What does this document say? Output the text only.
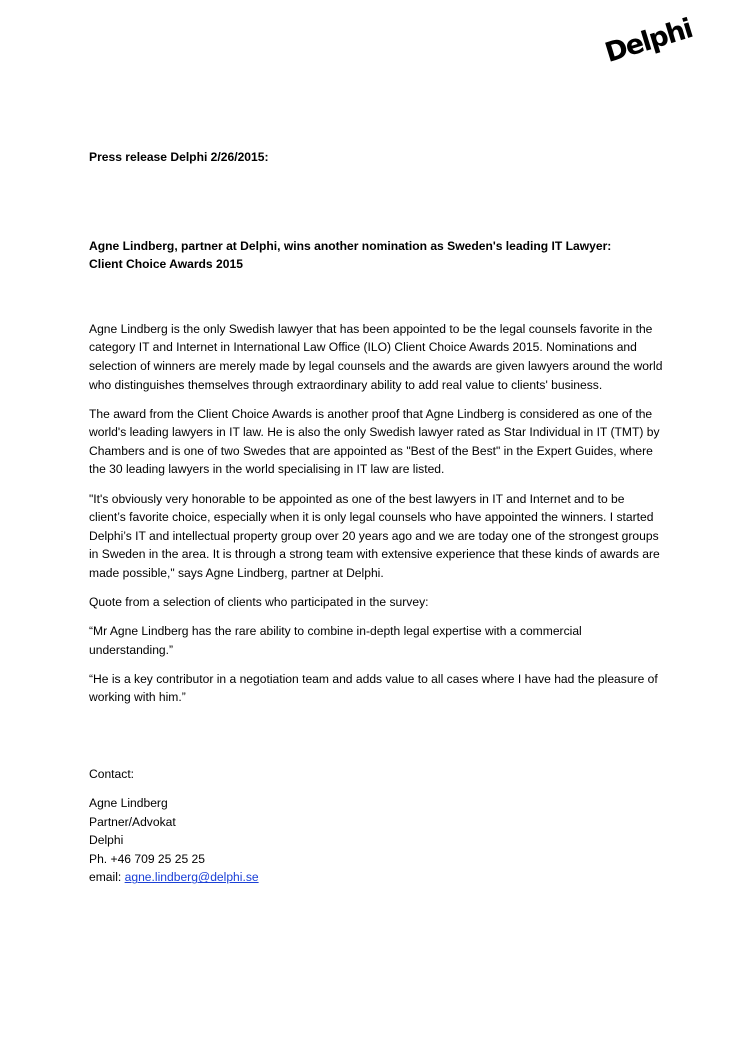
Delphi

Press release Delphi 2/26/2015:

Agne Lindberg, partner at Delphi, wins another nomination as Sweden's leading IT Lawyer:

Client Choice Awards 2015

Agne Lindberg is the only Swedish lawyer that has been appointed to be the legal counsels favorite in the category IT and Internet in International Law Office (ILO) Client Choice Awards 2015. Nominations and selection of winners are merely made by legal counsels and the awards are given lawyers around the world who distinguishes themselves through extraordinary ability to add real value to clients' business.

The award from the Client Choice Awards is another proof that Agne Lindberg is considered as one of the world's leading lawyers in IT law. He is also the only Swedish lawyer rated as Star Individual in IT (TMT) by Chambers and is one of two Swedes that are appointed as "Best of the Best" in the Expert Guides, where the 30 leading lawyers in the world specialising in IT law are listed.

"It's obviously very honorable to be appointed as one of the best lawyers in IT and Internet and to be client’s favorite choice, especially when it is only legal counsels who have appointed the winners. I started Delphi’s IT and intellectual property group over 20 years ago and we are today one of the strongest groups in Sweden in the area. It is through a strong team with extensive experience that these kinds of awards are made possible," says Agne Lindberg, partner at Delphi.

Quote from a selection of clients who participated in the survey:

“Mr Agne Lindberg has the rare ability to combine in-depth legal expertise with a commercial understanding.”

“He is a key contributor in a negotiation team and adds value to all cases where I have had the pleasure of working with him.”

Contact:

Agne Lindberg

Partner/Advokat

Delphi

Ph. +46 709 25 25 25

email: agne.lindberg@delphi.se
